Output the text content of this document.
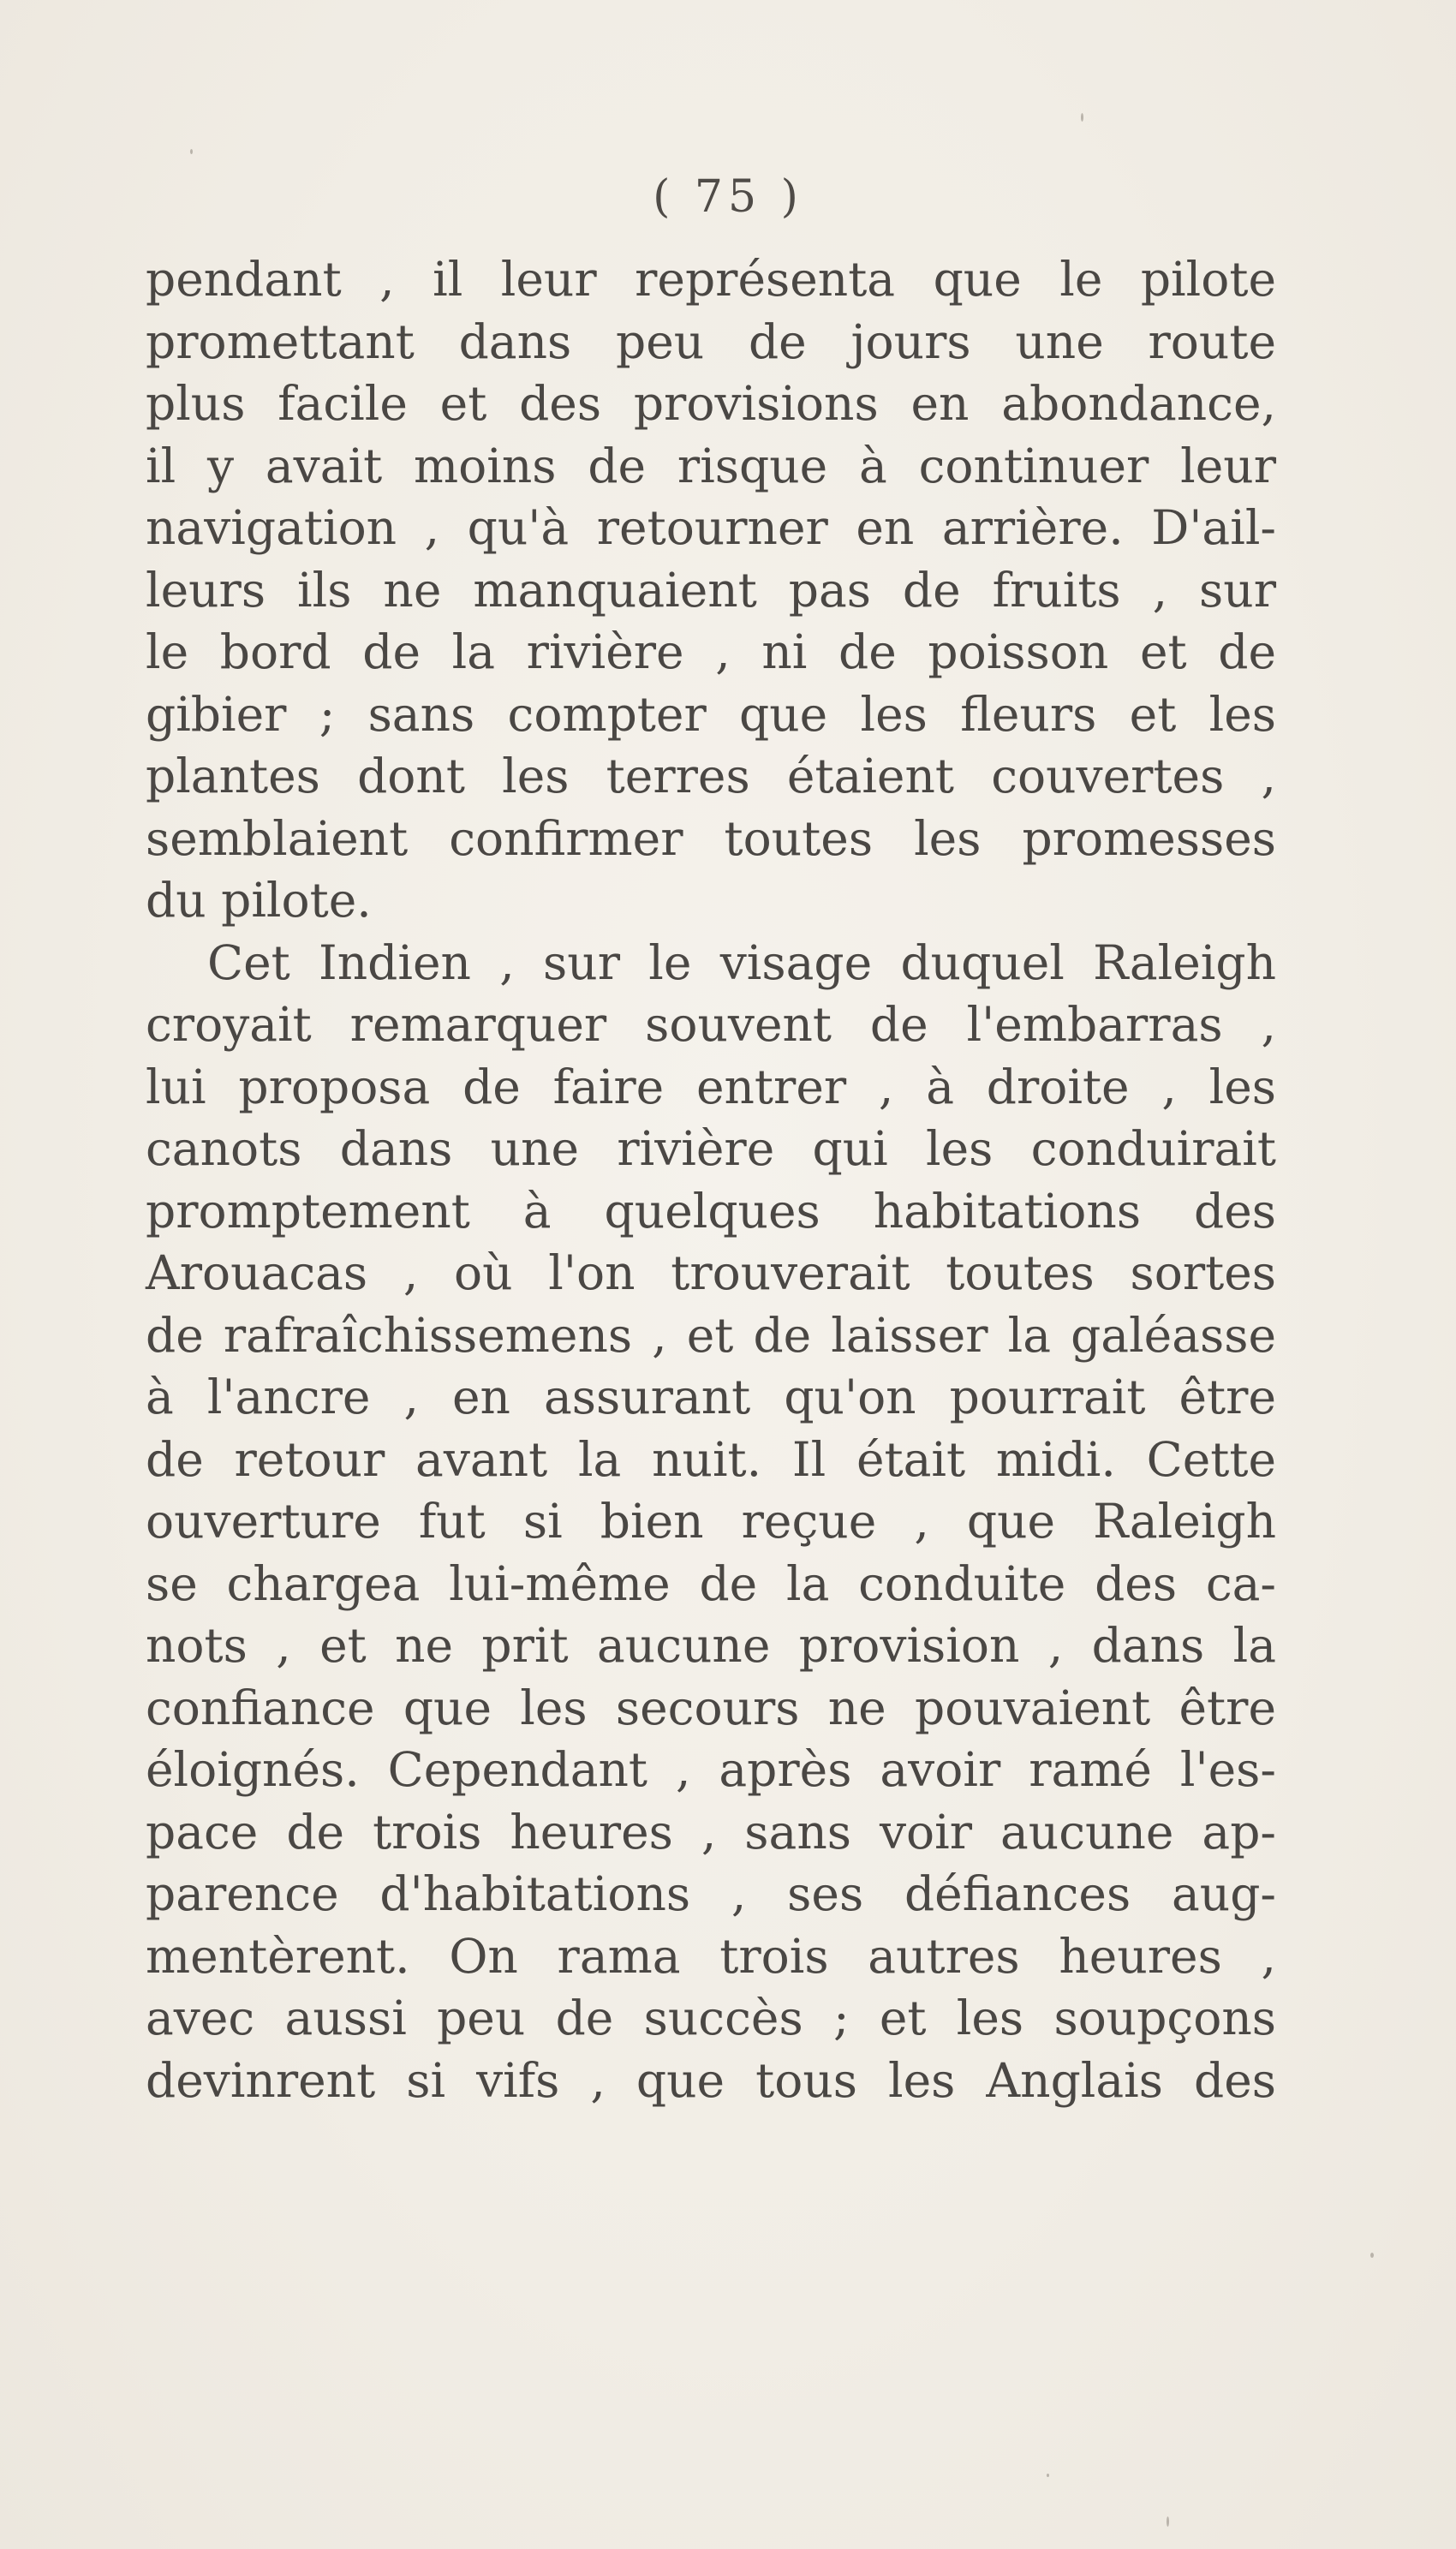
( 75 )
pendant , il leur représenta que le pilote
promettant dans peu de jours une route
plus facile et des provisions en abondance,
il y avait moins de risque à continuer leur
navigation , qu'à retourner en arrière. D'ail-
leurs ils ne manquaient pas de fruits , sur
le bord de la rivière , ni de poisson et de
gibier ; sans compter que les fleurs et les
plantes dont les terres étaient couvertes ,
semblaient confirmer toutes les promesses
du pilote.
Cet Indien , sur le visage duquel Raleigh
croyait remarquer souvent de l'embarras ,
lui proposa de faire entrer , à droite , les
canots dans une rivière qui les conduirait
promptement à quelques habitations des
Arouacas , où l'on trouverait toutes sortes
de rafraîchissemens , et de laisser la galéasse
à l'ancre , en assurant qu'on pourrait être
de retour avant la nuit. Il était midi. Cette
ouverture fut si bien reçue , que Raleigh
se chargea lui-même de la conduite des ca-
nots , et ne prit aucune provision , dans la
confiance que les secours ne pouvaient être
éloignés. Cependant , après avoir ramé l'es-
pace de trois heures , sans voir aucune ap-
parence d'habitations , ses défiances aug-
mentèrent. On rama trois autres heures ,
avec aussi peu de succès ; et les soupçons
devinrent si vifs , que tous les Anglais des
